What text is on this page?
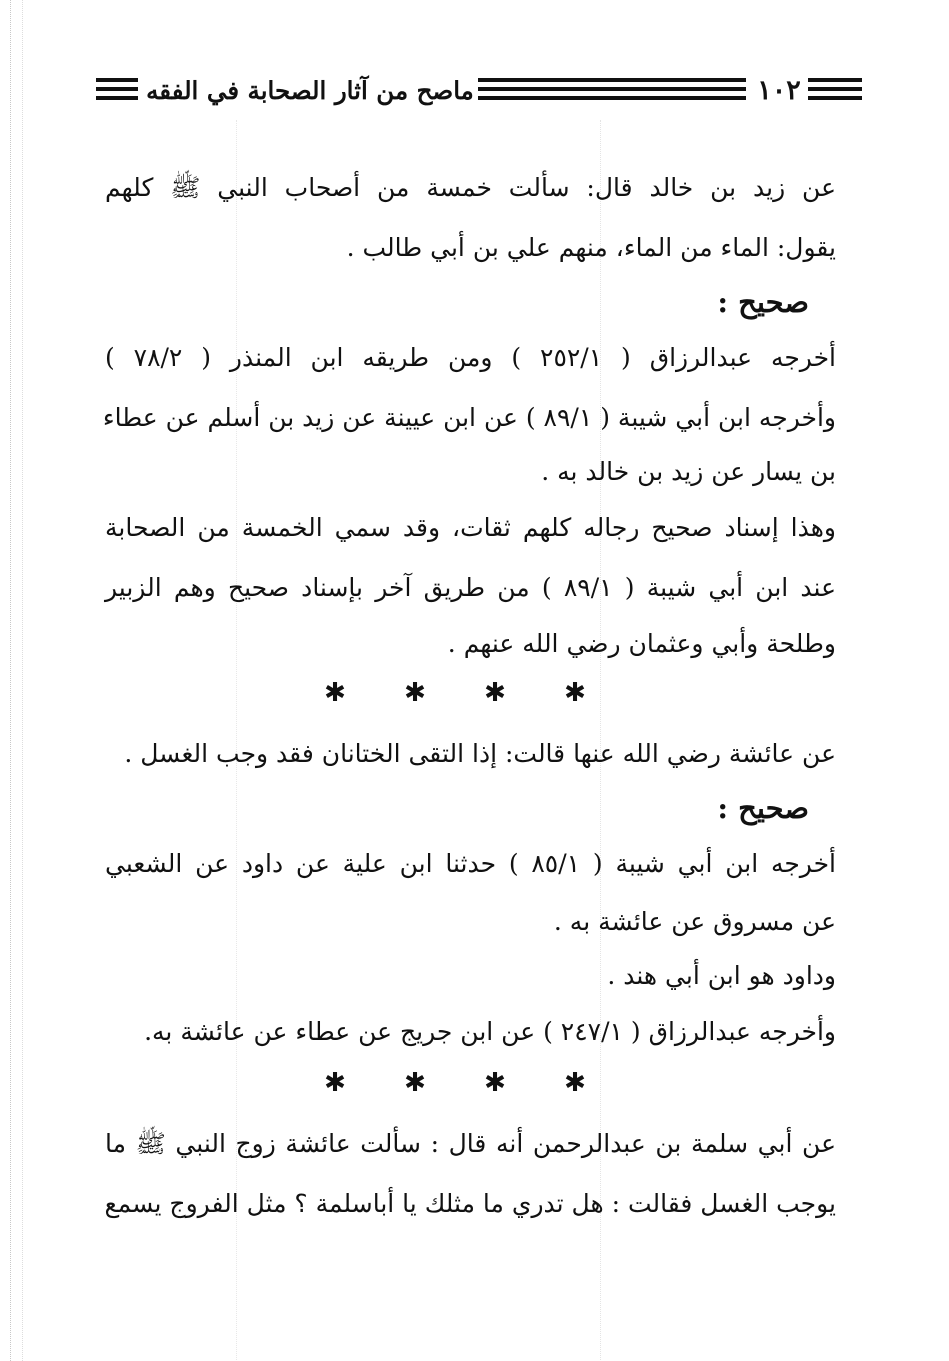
١٠٢
ماصح من آثار الصحابة في الفقه
عن زيد بن خالد قال: سألت خمسة من أصحاب النبي ﷺ كلهم
يقول: الماء من الماء، منهم علي بن أبي طالب .
صحيح :
أخرجه عبدالرزاق ( ٢٥٢/١ ) ومن طريقه ابن المنذر ( ٧٨/٢ )
وأخرجه ابن أبي شيبة ( ٨٩/١ ) عن ابن عيينة عن زيد بن أسلم عن عطاء
بن يسار عن زيد بن خالد به .
وهذا إسناد صحيح رجاله كلهم ثقات، وقد سمي الخمسة من الصحابة
عند ابن أبي شيبة ( ٨٩/١ ) من طريق آخر بإسناد صحيح وهم الزبير
وطلحة وأبي وعثمان رضي الله عنهم .
✱ ✱ ✱ ✱
عن عائشة رضي الله عنها قالت: إذا التقى الختانان فقد وجب الغسل .
صحيح :
أخرجه ابن أبي شيبة ( ٨٥/١ ) حدثنا ابن علية عن داود عن الشعبي
عن مسروق عن عائشة به .
وداود هو ابن أبي هند .
وأخرجه عبدالرزاق ( ٢٤٧/١ ) عن ابن جريج عن عطاء عن عائشة به.
✱ ✱ ✱ ✱
عن أبي سلمة بن عبدالرحمن أنه قال : سألت عائشة زوج النبي ﷺ ما
يوجب الغسل فقالت : هل تدري ما مثلك يا أباسلمة ؟ مثل الفروج يسمع
